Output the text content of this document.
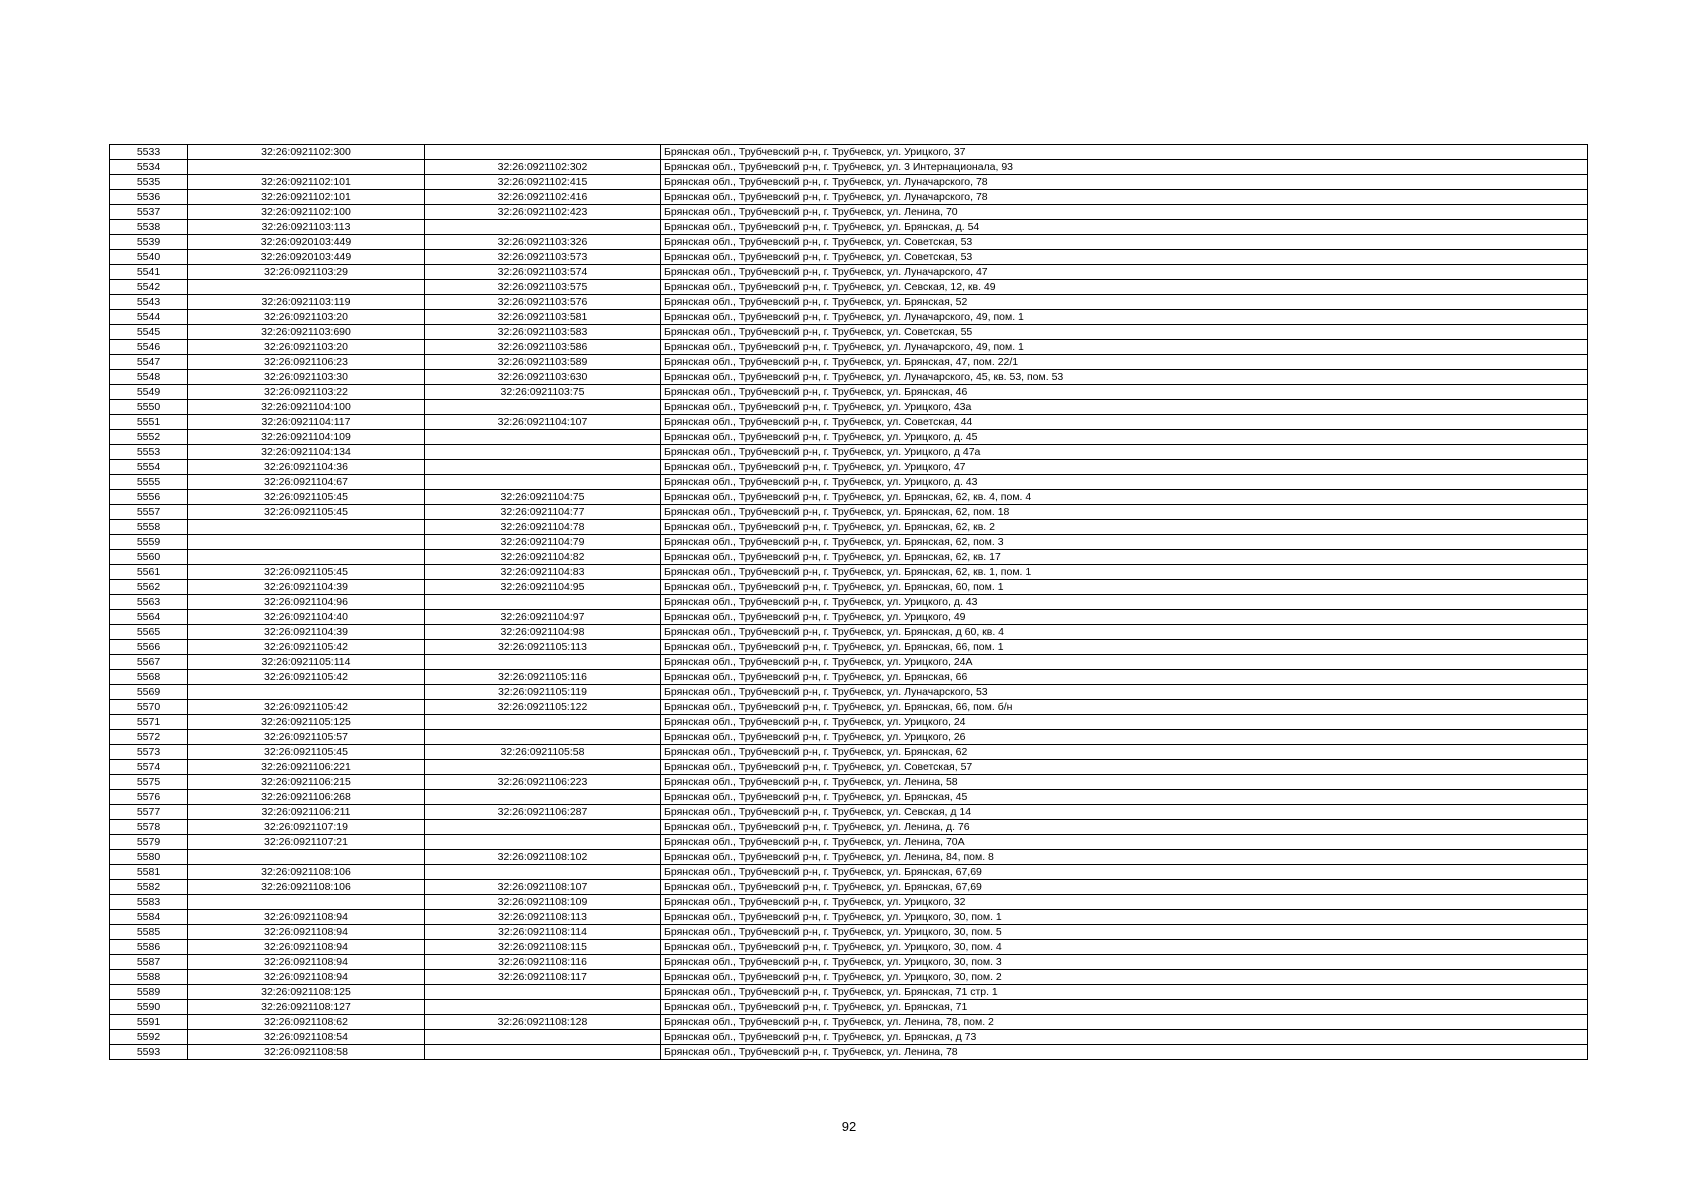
5533	32:26:0921102:300		Брянская обл., Трубчевский р-н, г. Трубчевск, ул. Урицкого, 37
5534		32:26:0921102:302	Брянская обл., Трубчевский р-н, г. Трубчевск, ул. 3 Интернационала, 93
5535	32:26:0921102:101	32:26:0921102:415	Брянская обл., Трубчевский р-н, г. Трубчевск, ул. Луначарского, 78
5536	32:26:0921102:101	32:26:0921102:416	Брянская обл., Трубчевский р-н, г. Трубчевск, ул. Луначарского, 78
5537	32:26:0921102:100	32:26:0921102:423	Брянская обл., Трубчевский р-н, г. Трубчевск, ул. Ленина, 70
5538	32:26:0921103:113		Брянская обл., Трубчевский р-н, г. Трубчевск, ул. Брянская, д. 54
5539	32:26:0920103:449	32:26:0921103:326	Брянская обл., Трубчевский р-н, г. Трубчевск, ул. Советская, 53
5540	32:26:0920103:449	32:26:0921103:573	Брянская обл., Трубчевский р-н, г. Трубчевск, ул. Советская, 53
5541	32:26:0921103:29	32:26:0921103:574	Брянская обл., Трубчевский р-н, г. Трубчевск, ул. Луначарского, 47
5542		32:26:0921103:575	Брянская обл., Трубчевский р-н, г. Трубчевск, ул. Севская, 12, кв. 49
5543	32:26:0921103:119	32:26:0921103:576	Брянская обл., Трубчевский р-н, г. Трубчевск, ул. Брянская, 52
5544	32:26:0921103:20	32:26:0921103:581	Брянская обл., Трубчевский р-н, г. Трубчевск, ул. Луначарского, 49, пом. 1
5545	32:26:0921103:690	32:26:0921103:583	Брянская обл., Трубчевский р-н, г. Трубчевск, ул. Советская, 55
5546	32:26:0921103:20	32:26:0921103:586	Брянская обл., Трубчевский р-н, г. Трубчевск, ул. Луначарского, 49, пом. 1
5547	32:26:0921106:23	32:26:0921103:589	Брянская обл., Трубчевский р-н, г. Трубчевск, ул. Брянская, 47, пом. 22/1
5548	32:26:0921103:30	32:26:0921103:630	Брянская обл., Трубчевский р-н, г. Трубчевск, ул. Луначарского, 45, кв. 53, пом. 53
5549	32:26:0921103:22	32:26:0921103:75	Брянская обл., Трубчевский р-н, г. Трубчевск, ул. Брянская, 46
5550	32:26:0921104:100		Брянская обл., Трубчевский р-н, г. Трубчевск, ул. Урицкого, 43а
5551	32:26:0921104:117	32:26:0921104:107	Брянская обл., Трубчевский р-н, г. Трубчевск, ул. Советская, 44
5552	32:26:0921104:109		Брянская обл., Трубчевский р-н, г. Трубчевск, ул. Урицкого, д. 45
5553	32:26:0921104:134		Брянская обл., Трубчевский р-н, г. Трубчевск, ул. Урицкого, д 47а
5554	32:26:0921104:36		Брянская обл., Трубчевский р-н, г. Трубчевск, ул. Урицкого, 47
5555	32:26:0921104:67		Брянская обл., Трубчевский р-н, г. Трубчевск, ул. Урицкого, д. 43
5556	32:26:0921105:45	32:26:0921104:75	Брянская обл., Трубчевский р-н, г. Трубчевск, ул. Брянская, 62, кв. 4, пом. 4
5557	32:26:0921105:45	32:26:0921104:77	Брянская обл., Трубчевский р-н, г. Трубчевск, ул. Брянская, 62, пом. 18
5558		32:26:0921104:78	Брянская обл., Трубчевский р-н, г. Трубчевск, ул. Брянская, 62, кв. 2
5559		32:26:0921104:79	Брянская обл., Трубчевский р-н, г. Трубчевск, ул. Брянская, 62, пом. 3
5560		32:26:0921104:82	Брянская обл., Трубчевский р-н, г. Трубчевск, ул. Брянская, 62, кв. 17
5561	32:26:0921105:45	32:26:0921104:83	Брянская обл., Трубчевский р-н, г. Трубчевск, ул. Брянская, 62, кв. 1, пом. 1
5562	32:26:0921104:39	32:26:0921104:95	Брянская обл., Трубчевский р-н, г. Трубчевск, ул. Брянская, 60, пом. 1
5563	32:26:0921104:96		Брянская обл., Трубчевский р-н, г. Трубчевск, ул. Урицкого, д. 43
5564	32:26:0921104:40	32:26:0921104:97	Брянская обл., Трубчевский р-н, г. Трубчевск, ул. Урицкого, 49
5565	32:26:0921104:39	32:26:0921104:98	Брянская обл., Трубчевский р-н, г. Трубчевск, ул. Брянская, д 60, кв. 4
5566	32:26:0921105:42	32:26:0921105:113	Брянская обл., Трубчевский р-н, г. Трубчевск, ул. Брянская, 66, пом. 1
5567	32:26:0921105:114		Брянская обл., Трубчевский р-н, г. Трубчевск, ул. Урицкого, 24А
5568	32:26:0921105:42	32:26:0921105:116	Брянская обл., Трубчевский р-н, г. Трубчевск, ул. Брянская, 66
5569		32:26:0921105:119	Брянская обл., Трубчевский р-н, г. Трубчевск, ул. Луначарского, 53
5570	32:26:0921105:42	32:26:0921105:122	Брянская обл., Трубчевский р-н, г. Трубчевск, ул. Брянская, 66, пом. б/н
5571	32:26:0921105:125		Брянская обл., Трубчевский р-н, г. Трубчевск, ул. Урицкого, 24
5572	32:26:0921105:57		Брянская обл., Трубчевский р-н, г. Трубчевск, ул. Урицкого, 26
5573	32:26:0921105:45	32:26:0921105:58	Брянская обл., Трубчевский р-н, г. Трубчевск, ул. Брянская, 62
5574	32:26:0921106:221		Брянская обл., Трубчевский р-н, г. Трубчевск, ул. Советская, 57
5575	32:26:0921106:215	32:26:0921106:223	Брянская обл., Трубчевский р-н, г. Трубчевск, ул. Ленина, 58
5576	32:26:0921106:268		Брянская обл., Трубчевский р-н, г. Трубчевск, ул. Брянская, 45
5577	32:26:0921106:211	32:26:0921106:287	Брянская обл., Трубчевский р-н, г. Трубчевск, ул. Севская, д 14
5578	32:26:0921107:19		Брянская обл., Трубчевский р-н, г. Трубчевск, ул. Ленина, д. 76
5579	32:26:0921107:21		Брянская обл., Трубчевский р-н, г. Трубчевск, ул. Ленина, 70А
5580		32:26:0921108:102	Брянская обл., Трубчевский р-н, г. Трубчевск, ул. Ленина, 84, пом. 8
5581	32:26:0921108:106		Брянская обл., Трубчевский р-н, г. Трубчевск, ул. Брянская, 67,69
5582	32:26:0921108:106	32:26:0921108:107	Брянская обл., Трубчевский р-н, г. Трубчевск, ул. Брянская, 67,69
5583		32:26:0921108:109	Брянская обл., Трубчевский р-н, г. Трубчевск, ул. Урицкого, 32
5584	32:26:0921108:94	32:26:0921108:113	Брянская обл., Трубчевский р-н, г. Трубчевск, ул. Урицкого, 30, пом. 1
5585	32:26:0921108:94	32:26:0921108:114	Брянская обл., Трубчевский р-н, г. Трубчевск, ул. Урицкого, 30, пом. 5
5586	32:26:0921108:94	32:26:0921108:115	Брянская обл., Трубчевский р-н, г. Трубчевск, ул. Урицкого, 30, пом. 4
5587	32:26:0921108:94	32:26:0921108:116	Брянская обл., Трубчевский р-н, г. Трубчевск, ул. Урицкого, 30, пом. 3
5588	32:26:0921108:94	32:26:0921108:117	Брянская обл., Трубчевский р-н, г. Трубчевск, ул. Урицкого, 30, пом. 2
5589	32:26:0921108:125		Брянская обл., Трубчевский р-н, г. Трубчевск, ул. Брянская, 71 стр. 1
5590	32:26:0921108:127		Брянская обл., Трубчевский р-н, г. Трубчевск, ул. Брянская, 71
5591	32:26:0921108:62	32:26:0921108:128	Брянская обл., Трубчевский р-н, г. Трубчевск, ул. Ленина, 78, пом. 2
5592	32:26:0921108:54		Брянская обл., Трубчевский р-н, г. Трубчевск, ул. Брянская, д 73
5593	32:26:0921108:58		Брянская обл., Трубчевский р-н, г. Трубчевск, ул. Ленина, 78
92
